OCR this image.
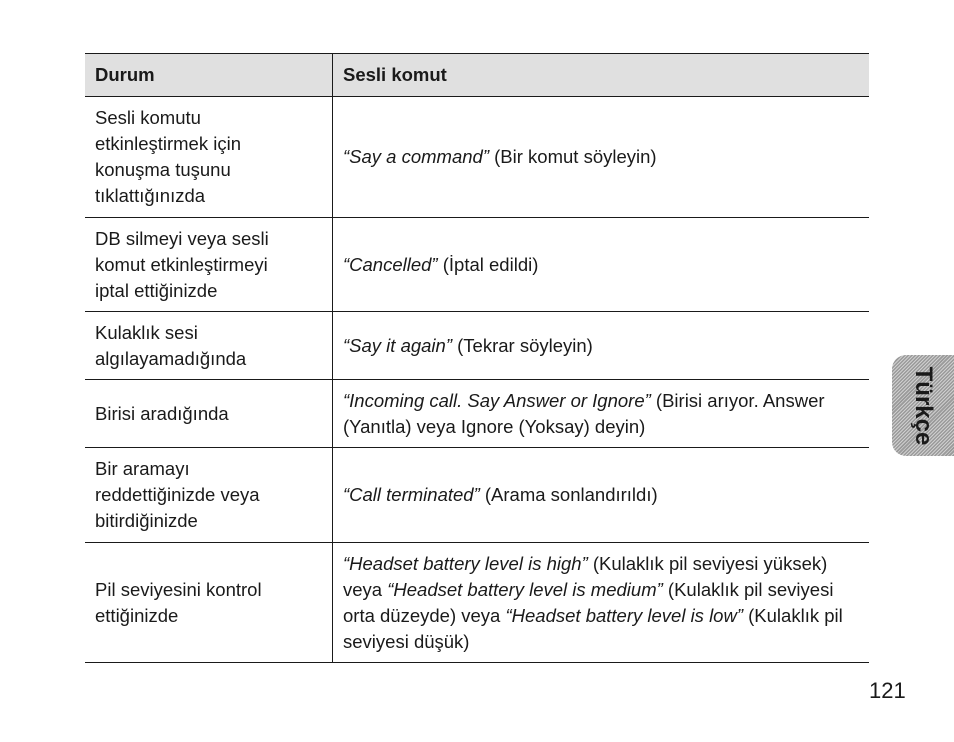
Durum	Sesli komut
Sesli komutu
etkinleştirmek için
konuşma tuşunu
tıklattığınızda	“Say a command” (Bir komut söyleyin)
DB silmeyi veya sesli
komut etkinleştirmeyi
iptal ettiğinizde	“Cancelled” (İptal edildi)
Kulaklık sesi
algılayamadığında	“Say it again” (Tekrar söyleyin)
Birisi aradığında	“Incoming call. Say Answer or Ignore” (Birisi arıyor. Answer (Yanıtla) veya Ignore (Yoksay) deyin)
Bir aramayı
reddettiğinizde veya
bitirdiğinizde	“Call terminated” (Arama sonlandırıldı)
Pil seviyesini kontrol
ettiğinizde	“Headset battery level is high” (Kulaklık pil seviyesi yüksek) veya “Headset battery level is medium” (Kulaklık pil seviyesi orta düzeyde) veya “Headset battery level is low” (Kulaklık pil seviyesi düşük)
Türkçe
121
